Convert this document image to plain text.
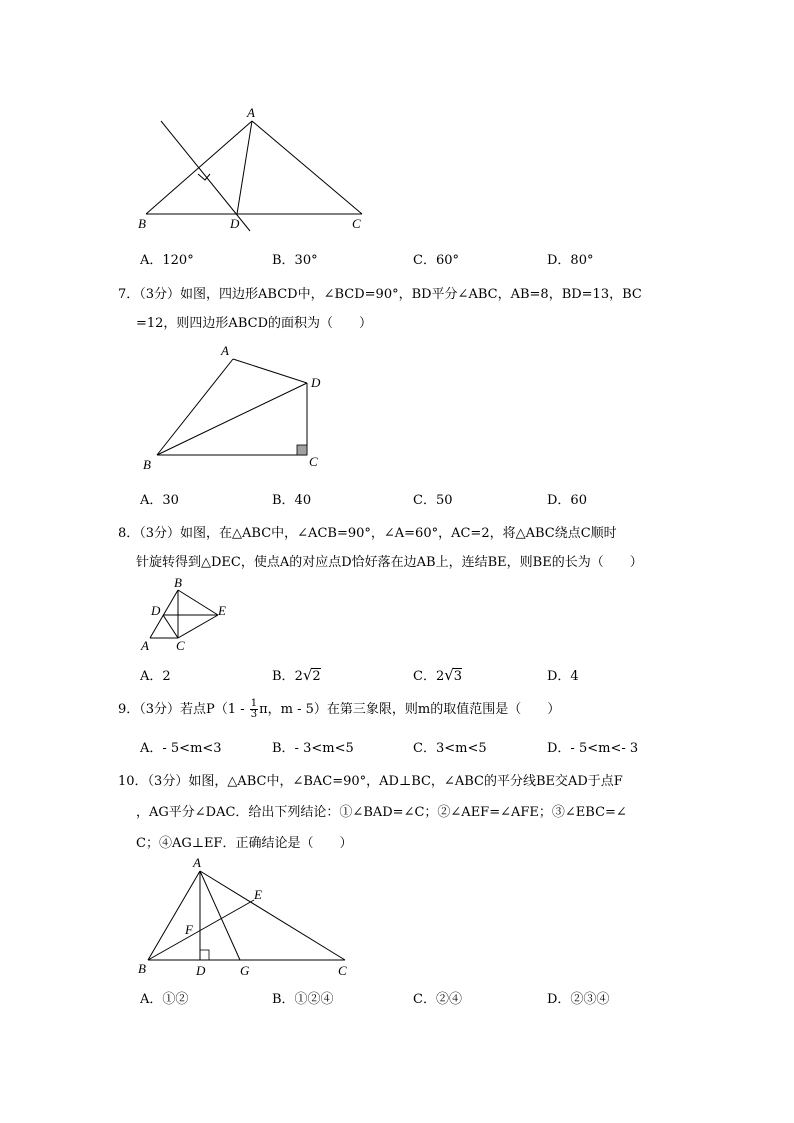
A
B	D	C
A．120°	B．30°	C．60°	D．80°
7．（3分）如图，四边形ABCD中，∠BCD=90°，BD平分∠ABC，AB=8，BD=13，BC
=12，则四边形ABCD的面积为（　　）
A
D
B	C
A．30	B．40	C．50	D．60
8．（3分）如图，在△ABC中，∠ACB=90°，∠A=60°，AC=2，将△ABC绕点C顺时
针旋转得到△DEC，使点A的对应点D恰好落在边AB上，连结BE，则BE的长为（　　）
B
D	E
A C
A．2	B．2√2	C．2√3	D．4
9．（3分）若点$P(1 - \frac{1}{3}$ π，m - 5）在第三象限，则m的取值范围是（　　）
A．- 5<m<3	B．- 3<m<5	C．3<m<5	D．- 5<m<- 3
10．（3分）如图，△ABC中，∠BAC=90°，AD⊥BC，∠ABC的平分线BE交AD于点F
，AG平分∠DAC．给出下列结论：①∠BAD=∠C；②∠AEF=∠AFE；③∠EBC=∠
C；④AG⊥EF．正确结论是（　　）
A
E
F
B	D	G	C
A．①②	B．①②④	C．②④	D．②③④
